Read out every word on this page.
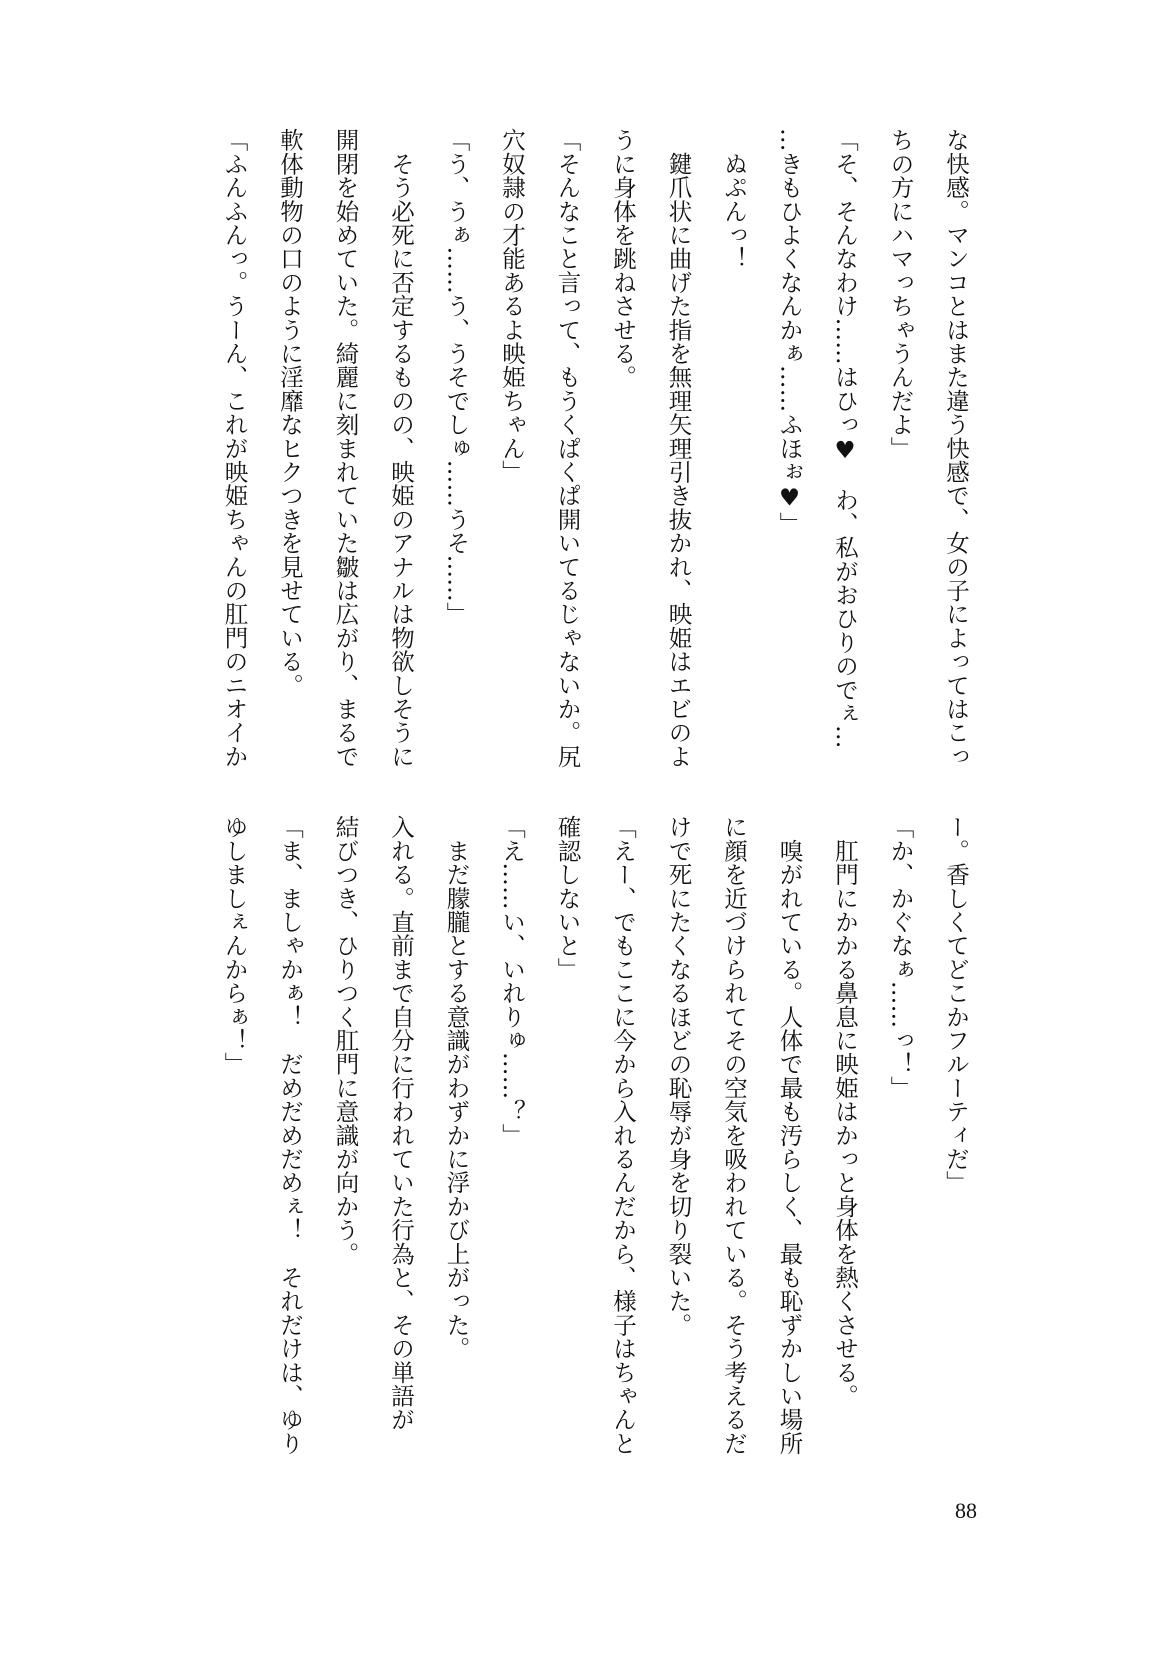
な快感。マンコとはまた違う快感で、女の子によってはこっ
ちの方にハマっちゃうんだよ」
「そ、そんなわけ……はひっ♥　わ、私がおひりのでぇ…
…きもひよくなんかぁ……ふほぉ♥」
　ぬぷんっ！
　鍵爪状に曲げた指を無理矢理引き抜かれ、映姫はエビのよ
うに身体を跳ねさせる。
「そんなこと言って、もうくぱくぱ開いてるじゃないか。尻
穴奴隷の才能あるよ映姫ちゃん」
「う、うぁ……う、うそでしゅ……うそ……」
　そう必死に否定するものの、映姫のアナルは物欲しそうに
開閉を始めていた。綺麗に刻まれていた皺は広がり、まるで
軟体動物の口のように淫靡なヒクつきを見せている。
「ふんふんっ。うーん、これが映姫ちゃんの肛門のニオイか
ー。香しくてどこかフルーティだ」
「か、かぐなぁ……っ！」
　肛門にかかる鼻息に映姫はかっと身体を熱くさせる。
　嗅がれている。人体で最も汚らしく、最も恥ずかしい場所
に顔を近づけられてその空気を吸われている。そう考えるだ
けで死にたくなるほどの恥辱が身を切り裂いた。
「えー、でもここに今から入れるんだから、様子はちゃんと
確認しないと」
「え……い、いれりゅ……？」
　まだ朦朧とする意識がわずかに浮かび上がった。
入れる。直前まで自分に行われていた行為と、その単語が
結びつき、ひりつく肛門に意識が向かう。
「ま、ましゃかぁ！　だめだめだめぇ！　それだけは、ゆり
ゆしましぇんからぁ！」
88
